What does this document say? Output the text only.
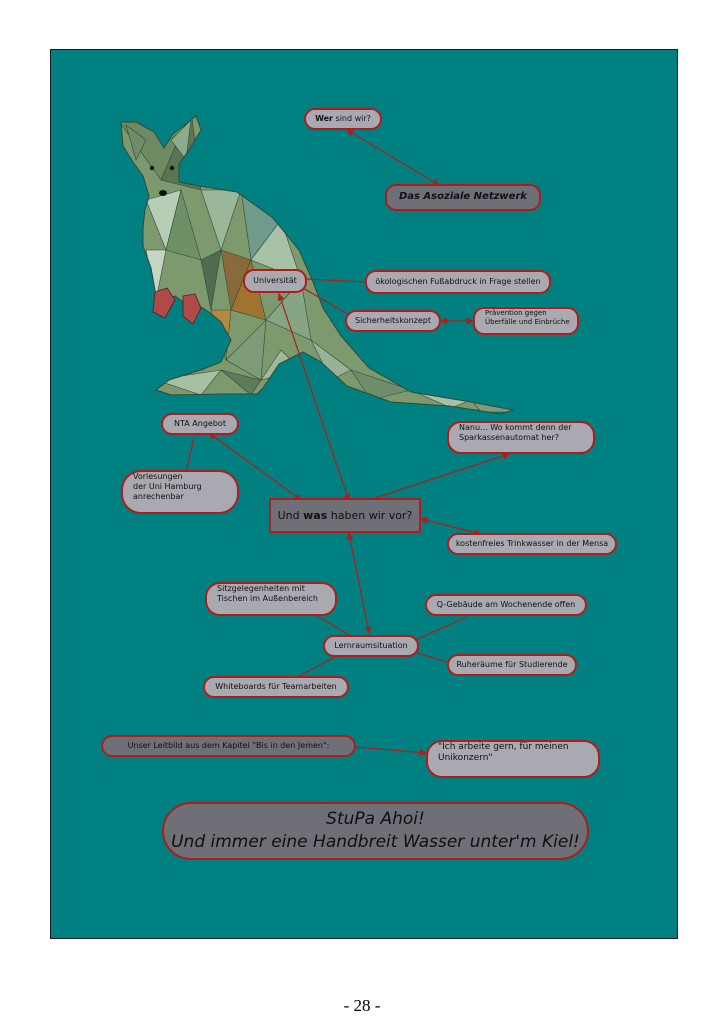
Wer sind wir?
Das Asoziale Netzwerk
Universität	ökologischen Fußabdruck in Frage stellen
Sicherheitskonzept
Prävention gegen
Überfälle und Einbrüche
NTA Angebot
Vorlesungen
der Uni Hamburg
anrechenbar
Nanu... Wo kommt denn der
Sparkassenautomat her?
Und was haben wir vor?
kostenfreies Trinkwasser in der Mensa
Sitzgelegenheiten mit
Tischen im Außenbereich
Q-Gebäude am Wochenende offen
Lernraumsituation
Ruheräume für Studierende
Whiteboards für Teamarbeiten
Unser Leitbild aus dem Kapitel "Bis in den Jemen":	"Ich arbeite gern, für meinen
Unikonzern"
StuPa Ahoi!
Und immer eine Handbreit Wasser unter'm Kiel!
- 28 -
